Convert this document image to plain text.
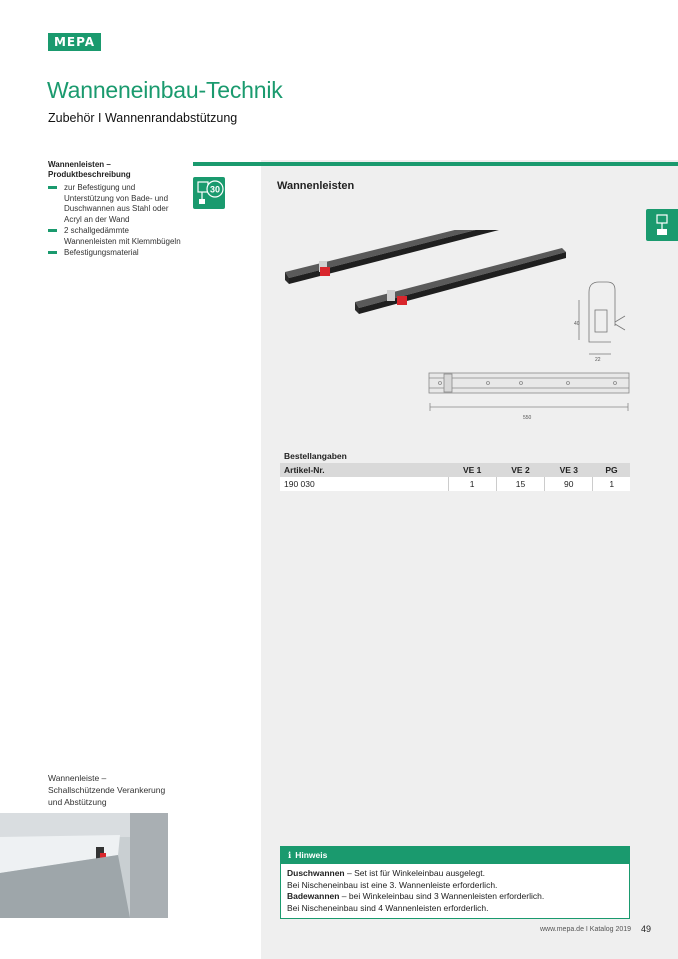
MEPA
Wanneneinbau-Technik
Zubehör I Wannenrandabstützung
Wannenleisten –
Produktbeschreibung
zur Befestigung und Unterstützung von Bade- und Duschwannen aus Stahl oder Acryl an der Wand
2 schallgedämmte Wannenleisten mit Klemmbügeln
Befestigungsmaterial
30	Wannenleisten
40
22
550
Bestellangaben
Artikel-Nr.	VE 1	VE 2	VE 3	PG
190 030	1	15	90	1
Wannenleiste – Schallschützende Verankerung und Abstützung
i Hinweis
Duschwannen – Set ist für Winkeleinbau ausgelegt.
Bei Nischeneinbau ist eine 3. Wannenleiste erforderlich.
Badewannen – bei Winkeleinbau sind 3 Wannenleisten erforderlich.
Bei Nischeneinbau sind 4 Wannenleisten erforderlich.
www.mepa.de I Katalog 2019 49
